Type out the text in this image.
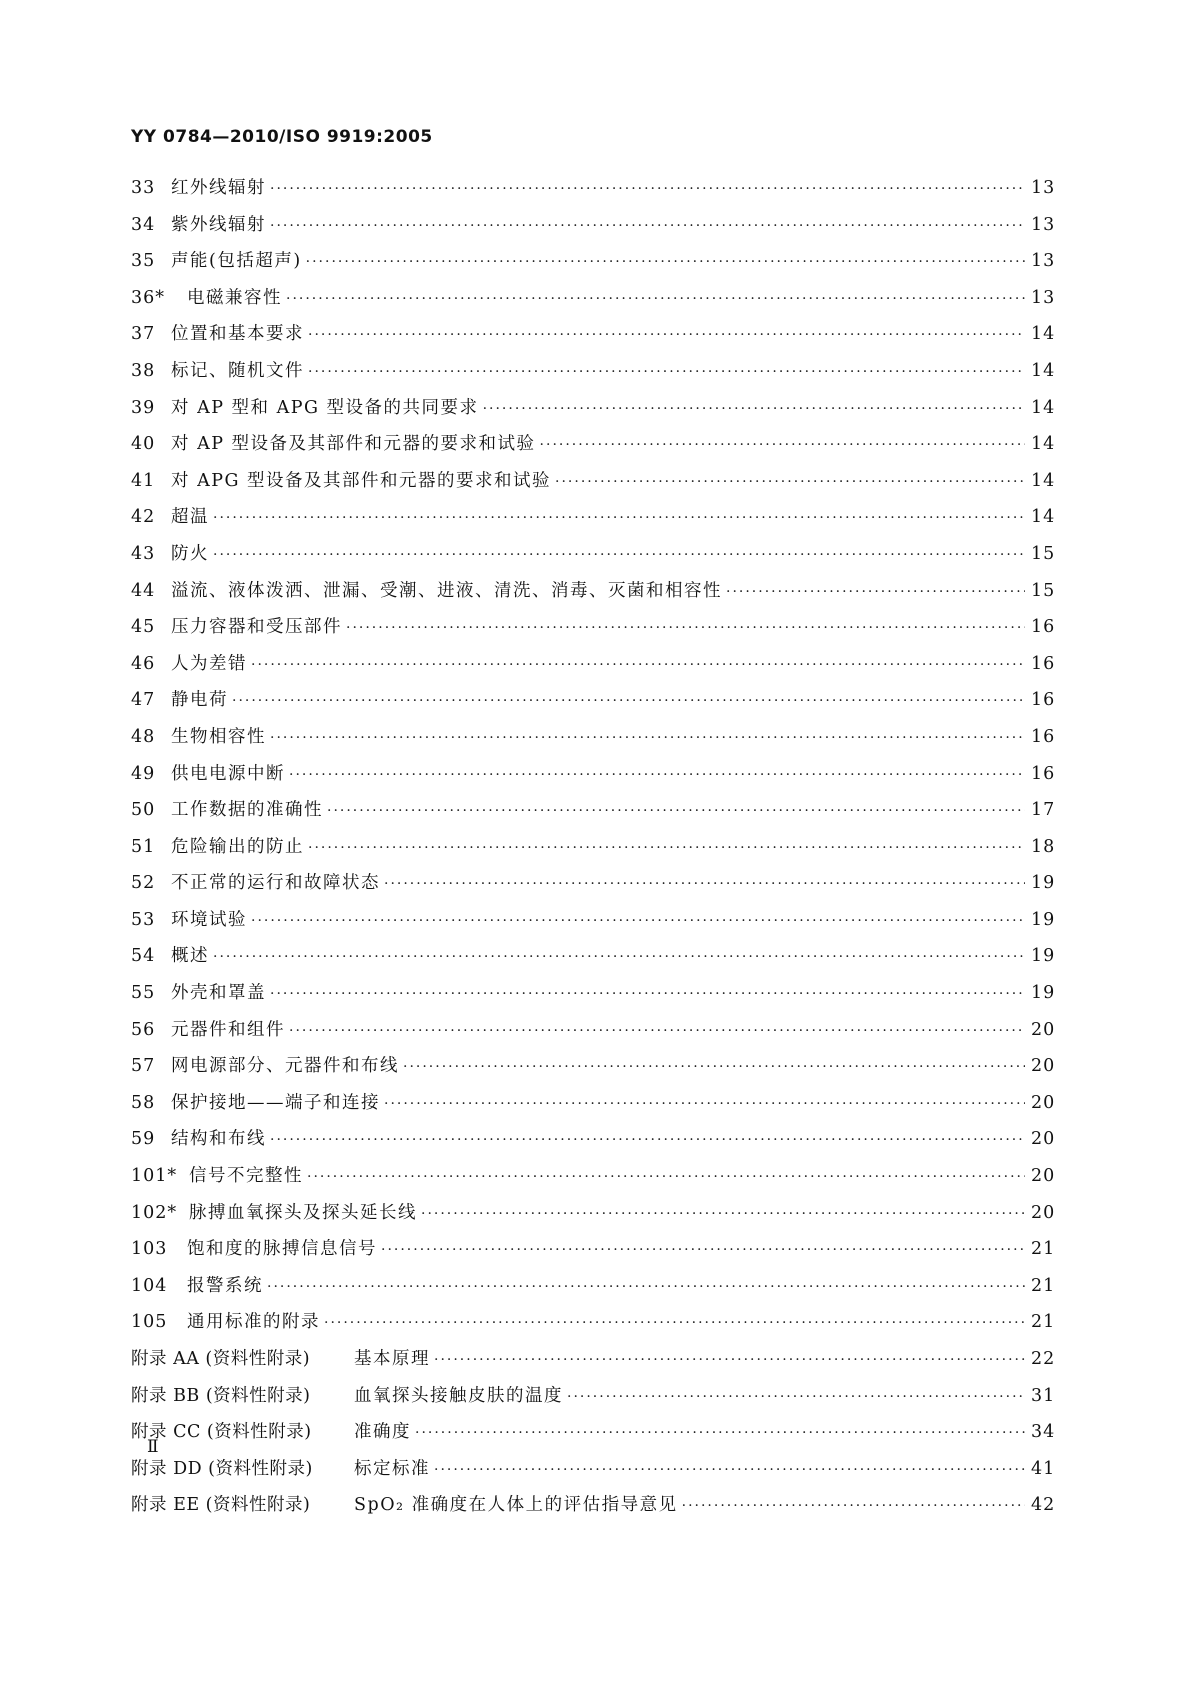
YY 0784—2010/ISO 9919:2005
33 红外线辐射 ·····	13
34 紫外线辐射 ·····	13
35 声能(包括超声) ·····	13
36*	电磁兼容性 ·····	13
37 位置和基本要求 ·····	14
38 标记、随机文件 ·····	14
39 对 AP 型和 APG 型设备的共同要求 ·····	14
40 对 AP 型设备及其部件和元器的要求和试验 ·····	14
41 对 APG 型设备及其部件和元器的要求和试验 ·····	14
42 超温 ·····	14
43 防火 ·····	15
44 溢流、液体泼洒、泄漏、受潮、进液、清洗、消毒、灭菌和相容性 ·····	15
45 压力容器和受压部件 ·····	16
46 人为差错 ·····	16
47 静电荷 ·····	16
48 生物相容性 ·····	16
49 供电电源中断 ·····	16
50 工作数据的准确性 ·····	17
51 危险输出的防止 ·····	18
52 不正常的运行和故障状态 ·····	19
53 环境试验 ·····	19
54 概述 ·····	19
55 外壳和罩盖 ·····	19
56 元器件和组件 ·····	20
57 网电源部分、元器件和布线 ·····	20
58 保护接地——端子和连接 ·····	20
59 结构和布线 ·····	20
101* 信号不完整性 ·····	20
102* 脉搏血氧探头及探头延长线 ·····	20
103	饱和度的脉搏信息信号 ·····	21
104	报警系统 ·····	21
105	通用标准的附录 ·····	21
附录 AA (资料性附录)	基本原理 ·····	22
附录 BB (资料性附录)	血氧探头接触皮肤的温度 ·····	31
附录 CC (资料性附录)	准确度 ·····	34
附录 DD (资料性附录)	标定标准 ·····	41
附录 EE (资料性附录)	SpO₂ 准确度在人体上的评估指导意见 ·····	42
Ⅱ
